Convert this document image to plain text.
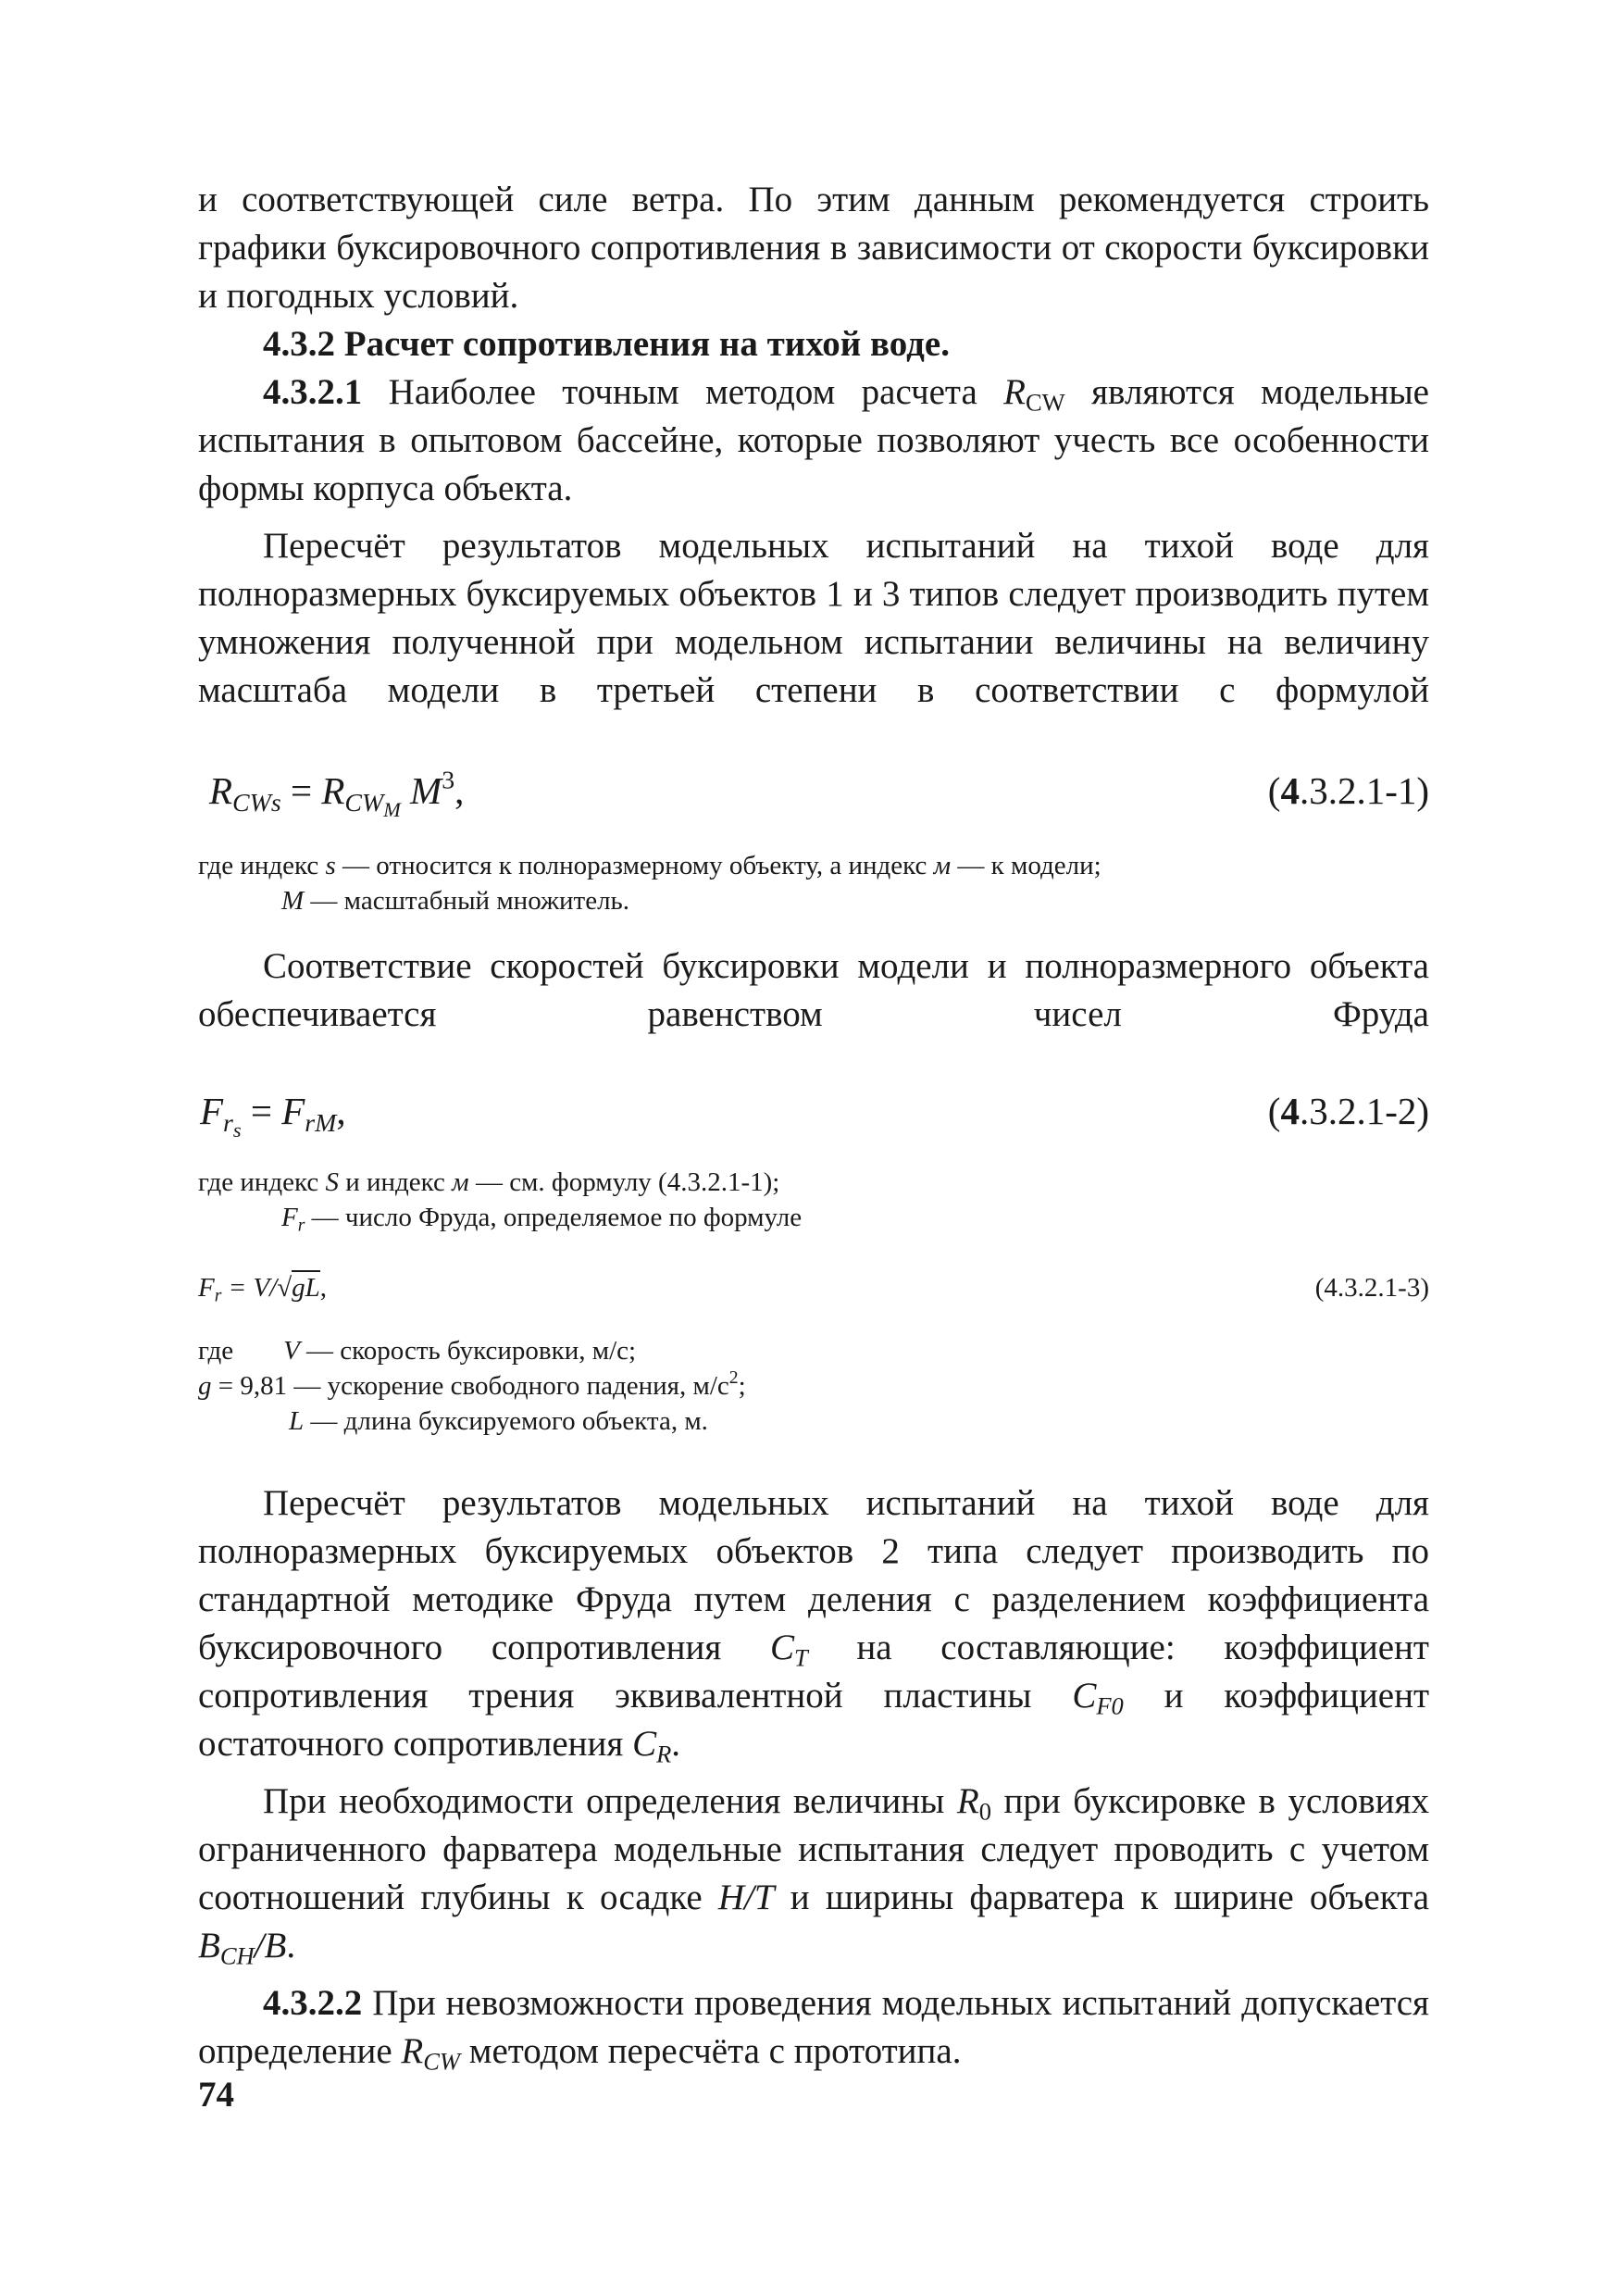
и соответствующей силе ветра. По этим данным рекомендуется строить графики буксировочного сопротивления в зависимости от скорости буксировки и погодных условий.

4.3.2 Расчет сопротивления на тихой воде.

4.3.2.1 Наиболее точным методом расчета $R_{CW}$ являются модельные испытания в опытовом бассейне, которые позволяют учесть все особенности формы корпуса объекта.

Пересчёт результатов модельных испытаний на тихой воде для полноразмерных буксируемых объектов 1 и 3 типов следует производить путем умножения полученной при модельном испытании величины на величину масштаба модели в третьей степени в соответствии с формулой

$R_{CWs} = R_{CW_M}$ $M^3$,	(4.3.2.1-1)

где индекс s — относится к полноразмерному объекту, а индекс м — к модели;

M — масштабный множитель.

Соответствие скоростей буксировки модели и полноразмерного объекта обеспечивается равенством чисел Фруда

$F_{r_s} = F_{rM}$,	(4.3.2.1-2)

где индекс S и индекс м — см. формулу (4.3.2.1-1);

$F_r$ — число Фруда, определяемое по формуле

$F_r = V/√gL$,	(4.3.2.1-3)

где V — скорость буксировки, м/с;

g = 9,81 — ускорение свободного падения, $м/с^2$;

L — длина буксируемого объекта, м.

Пересчёт результатов модельных испытаний на тихой воде для полноразмерных буксируемых объектов 2 типа следует производить по стандартной методике Фруда путем деления с разделением коэффициента буксировочного сопротивления $C_T$ на составляющие: коэффициент сопротивления трения эквивалентной пластины $C_{F0}$ и коэффициент остаточного сопротивления $C_R$.

При необходимости определения величины $R_0$ при буксировке в условиях ограниченного фарватера модельные испытания следует проводить с учетом соотношений глубины к осадке H/T и ширины фарватера к ширине объекта $B_{CH}/B$.

4.3.2.2 При невозможности проведения модельных испытаний допускается определение $R_{CW}$ методом пересчёта с прототипа.

74
